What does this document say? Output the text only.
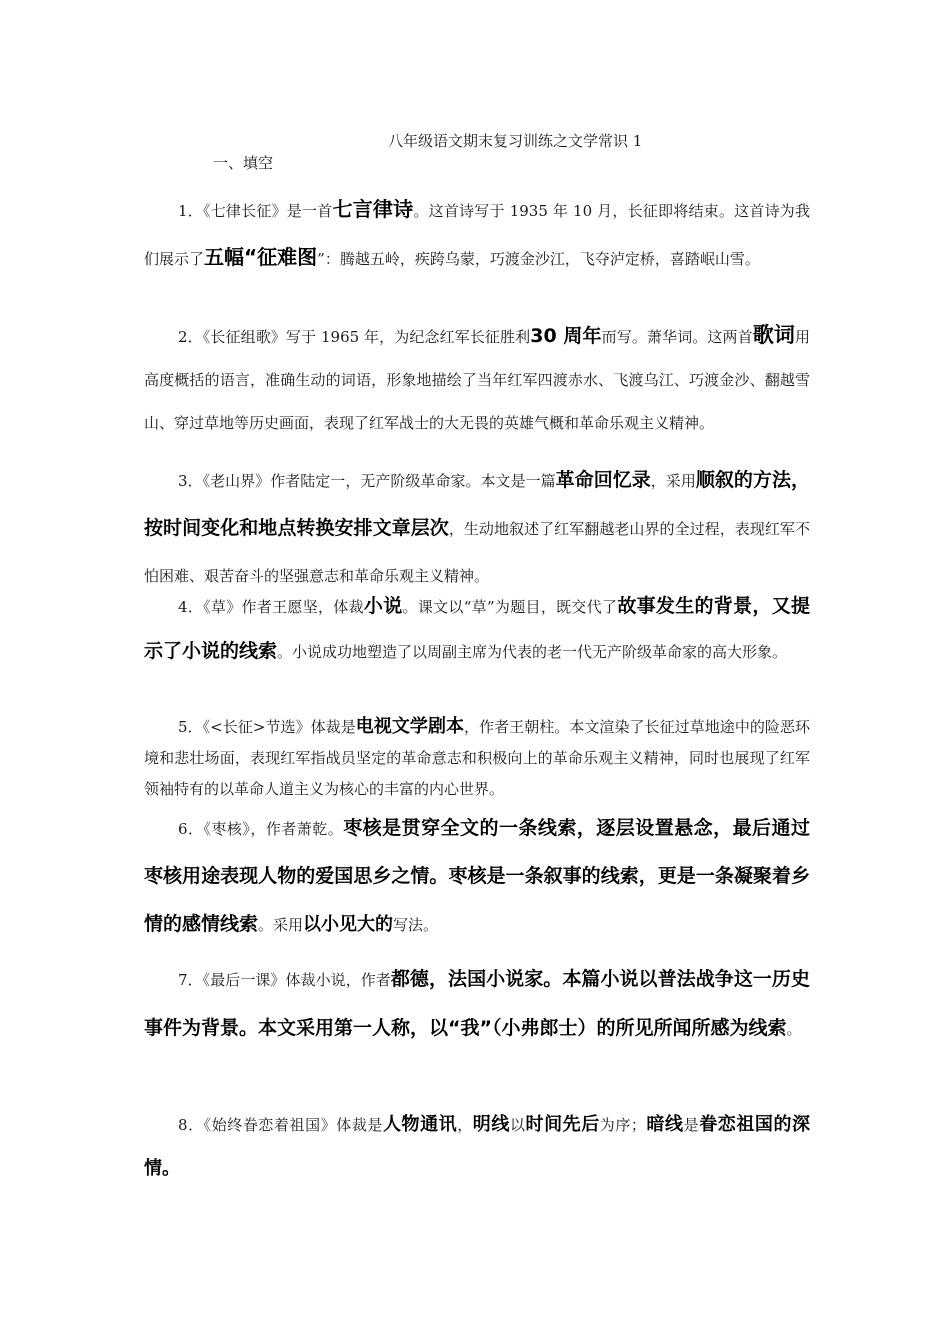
八年级语文期末复习训练之文学常识 1
一、填空

1．《七律长征》是一首七言律诗。这首诗写于 1935 年 10 月，长征即将结束。这首诗为我们展示了五幅“征难图”：腾越五岭，疾跨乌蒙，巧渡金沙江，飞夺泸定桥，喜踏岷山雪。

2．《长征组歌》写于 1965 年，为纪念红军长征胜利30 周年而写。萧华词。这两首歌词用高度概括的语言，准确生动的词语，形象地描绘了当年红军四渡赤水、飞渡乌江、巧渡金沙、翻越雪山、穿过草地等历史画面，表现了红军战士的大无畏的英雄气概和革命乐观主义精神。

3．《老山界》作者陆定一，无产阶级革命家。本文是一篇革命回忆录，采用顺叙的方法，按时间变化和地点转换安排文章层次，生动地叙述了红军翻越老山界的全过程，表现红军不怕困难、艰苦奋斗的坚强意志和革命乐观主义精神。

4．《草》作者王愿坚，体裁小说。课文以“草”为题目，既交代了故事发生的背景，又提示了小说的线索。小说成功地塑造了以周副主席为代表的老一代无产阶级革命家的高大形象。

5．《<长征>节选》体裁是电视文学剧本，作者王朝柱。本文渲染了长征过草地途中的险恶环境和悲壮场面，表现红军指战员坚定的革命意志和积极向上的革命乐观主义精神，同时也展现了红军领袖特有的以革命人道主义为核心的丰富的内心世界。

6．《枣核》，作者萧乾。枣核是贯穿全文的一条线索，逐层设置悬念，最后通过枣核用途表现人物的爱国思乡之情。枣核是一条叙事的线索，更是一条凝聚着乡情的感情线索。采用以小见大的写法。

7．《最后一课》体裁小说，作者都德，法国小说家。本篇小说以普法战争这一历史事件为背景。本文采用第一人称，以“我”（小弗郎士）的所见所闻所感为线索。

8．《始终眷恋着祖国》体裁是人物通讯，明线以时间先后为序；暗线是眷恋祖国的深情。
